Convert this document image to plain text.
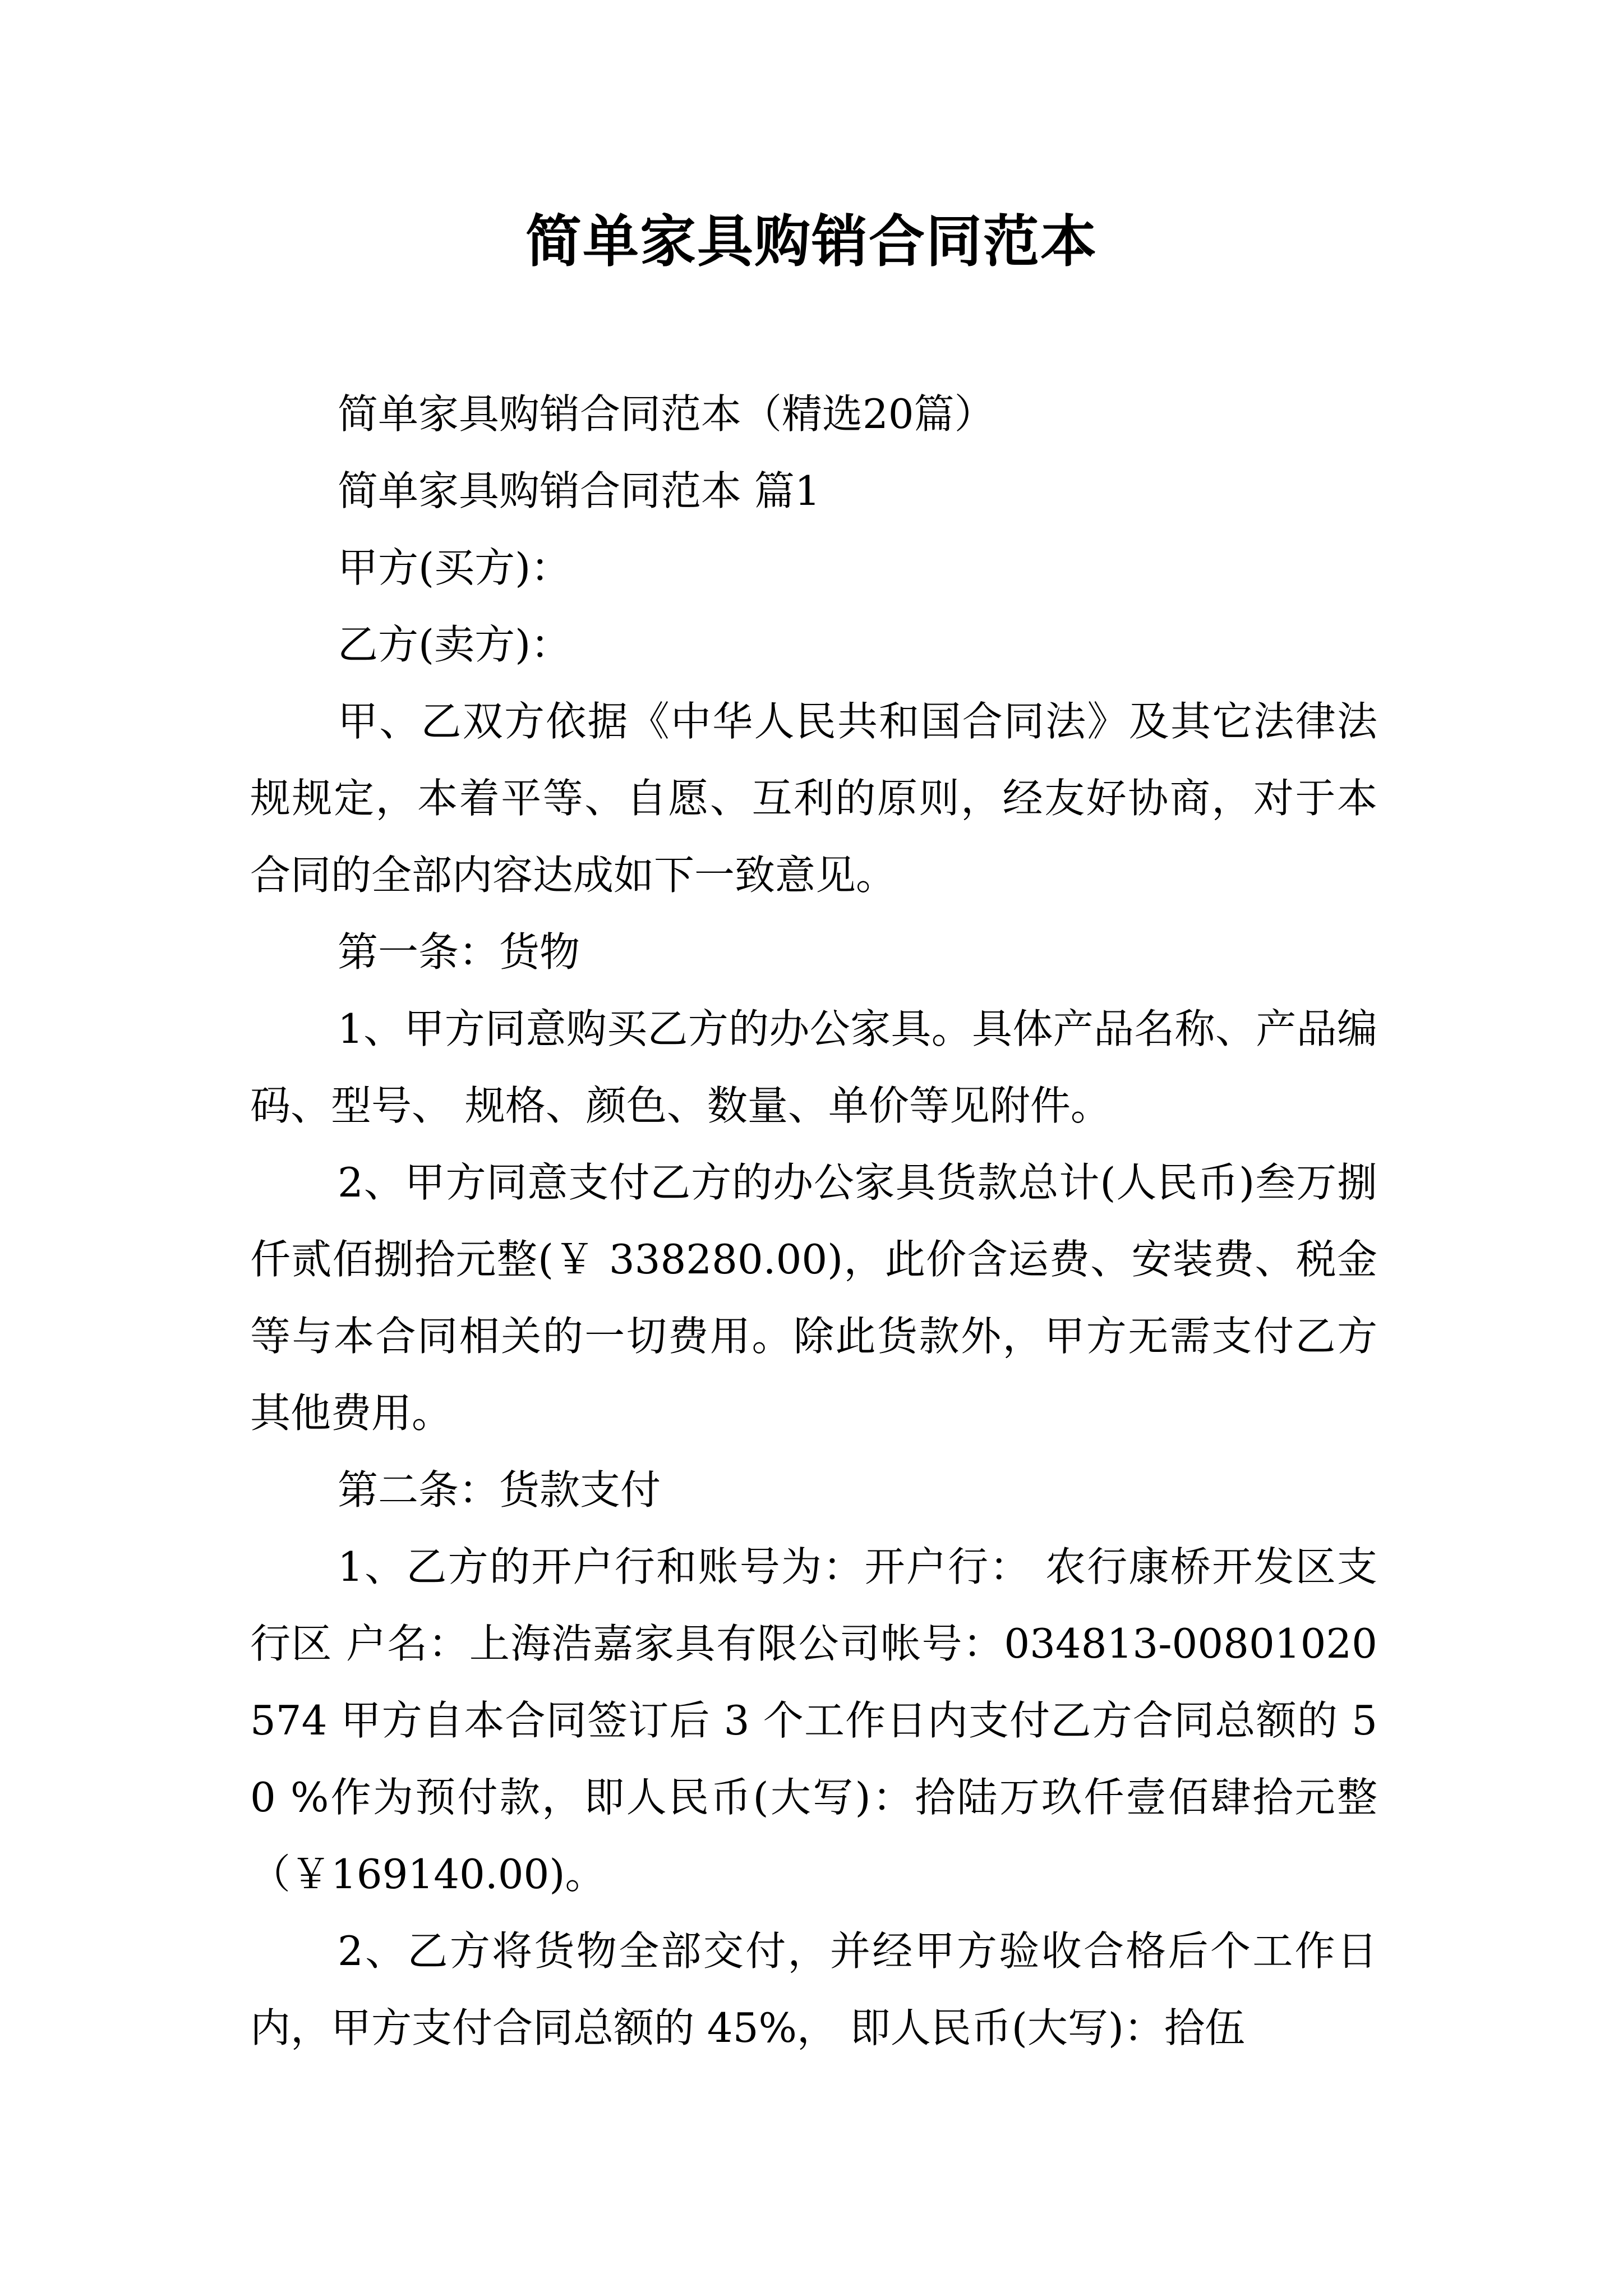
简单家具购销合同范本

简单家具购销合同范本（精选20篇）

简单家具购销合同范本 篇1

甲方(买方)：

乙方(卖方)：

甲、乙双方依据《中华人民共和国合同法》及其它法律法规规定，本着平等、自愿、互利的原则，经友好协商，对于本合同的全部内容达成如下一致意见。

第一条：货物

1、甲方同意购买乙方的办公家具。具体产品名称、产品编码、型号、 规格、颜色、数量、单价等见附件。

2、甲方同意支付乙方的办公家具货款总计(人民币)叁万捌仟贰佰捌拾元整(￥ 338280.00)，此价含运费、安装费、税金等与本合同相关的一切费用。除此货款外，甲方无需支付乙方其他费用。

第二条：货款支付

1、乙方的开户行和账号为：开户行： 农行康桥开发区支行区 户名：上海浩嘉家具有限公司帐号：034813-00801020574 甲方自本合同签订后 3 个工作日内支付乙方合同总额的 50 %作为预付款，即人民币(大写)：拾陆万玖仟壹佰肆拾元整（￥169140.00)。

2、乙方将货物全部交付，并经甲方验收合格后个工作日内，甲方支付合同总额的 45%， 即人民币(大写)：拾伍
